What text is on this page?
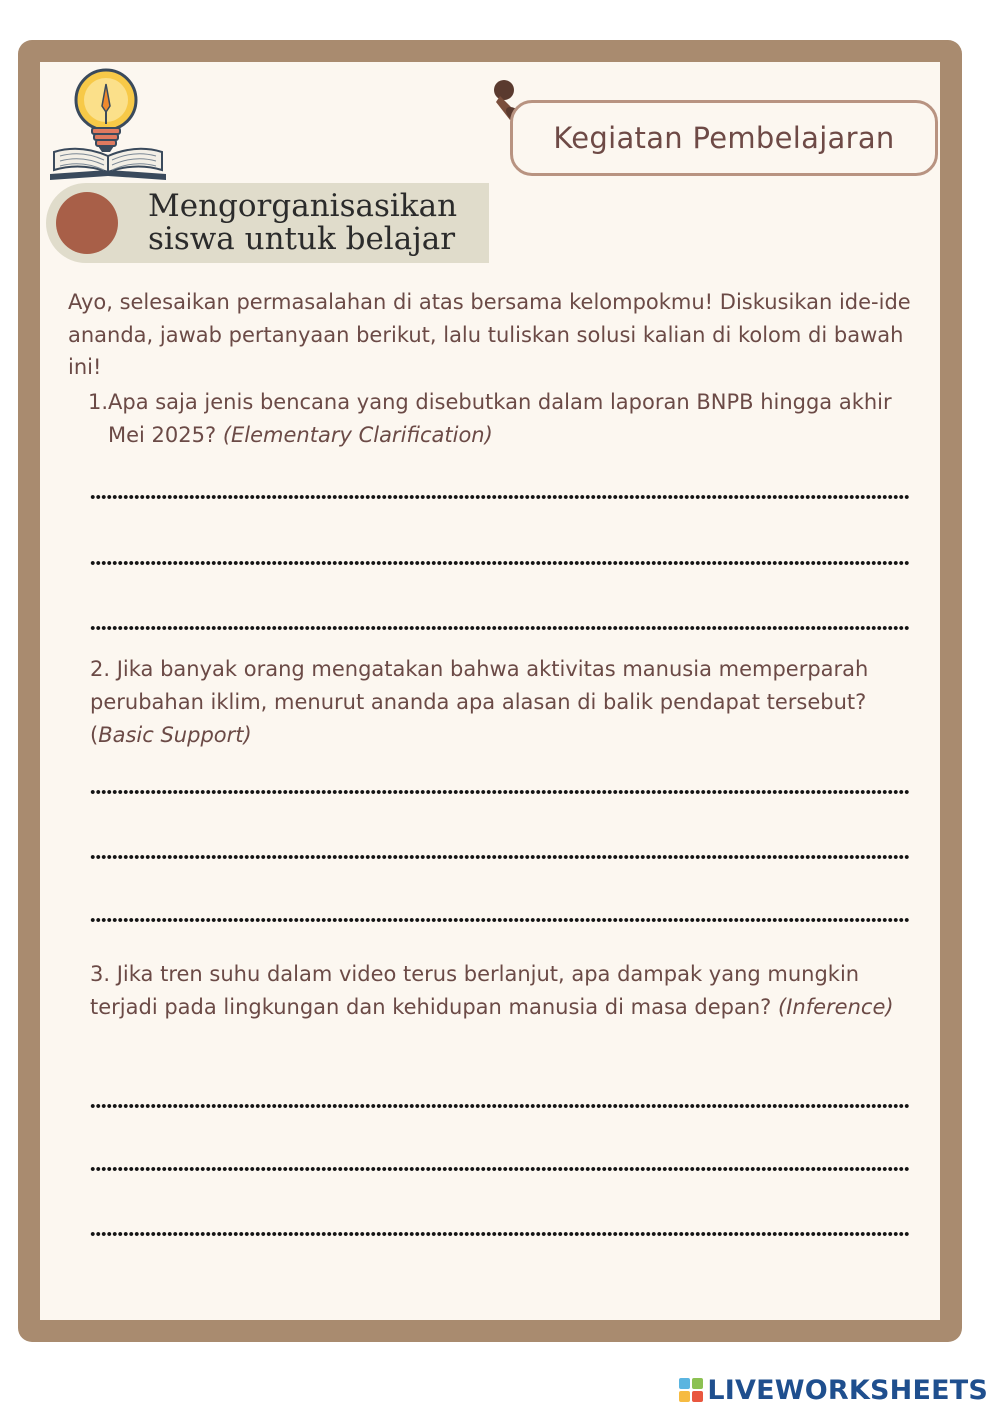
Kegiatan Pembelajaran
Mengorganisasikan
siswa untuk belajar
Ayo, selesaikan permasalahan di atas bersama kelompokmu! Diskusikan ide-ide ananda, jawab pertanyaan berikut, lalu tuliskan solusi kalian di kolom di bawah ini!
1. Apa saja jenis bencana yang disebutkan dalam laporan BNPB hingga akhir Mei 2025? (Elementary Clarification)
2. Jika banyak orang mengatakan bahwa aktivitas manusia memperparah perubahan iklim, menurut ananda apa alasan di balik pendapat tersebut? (Basic Support)
3. Jika tren suhu dalam video terus berlanjut, apa dampak yang mungkin terjadi pada lingkungan dan kehidupan manusia di masa depan? (Inference)
LIVEWORKSHEETS
